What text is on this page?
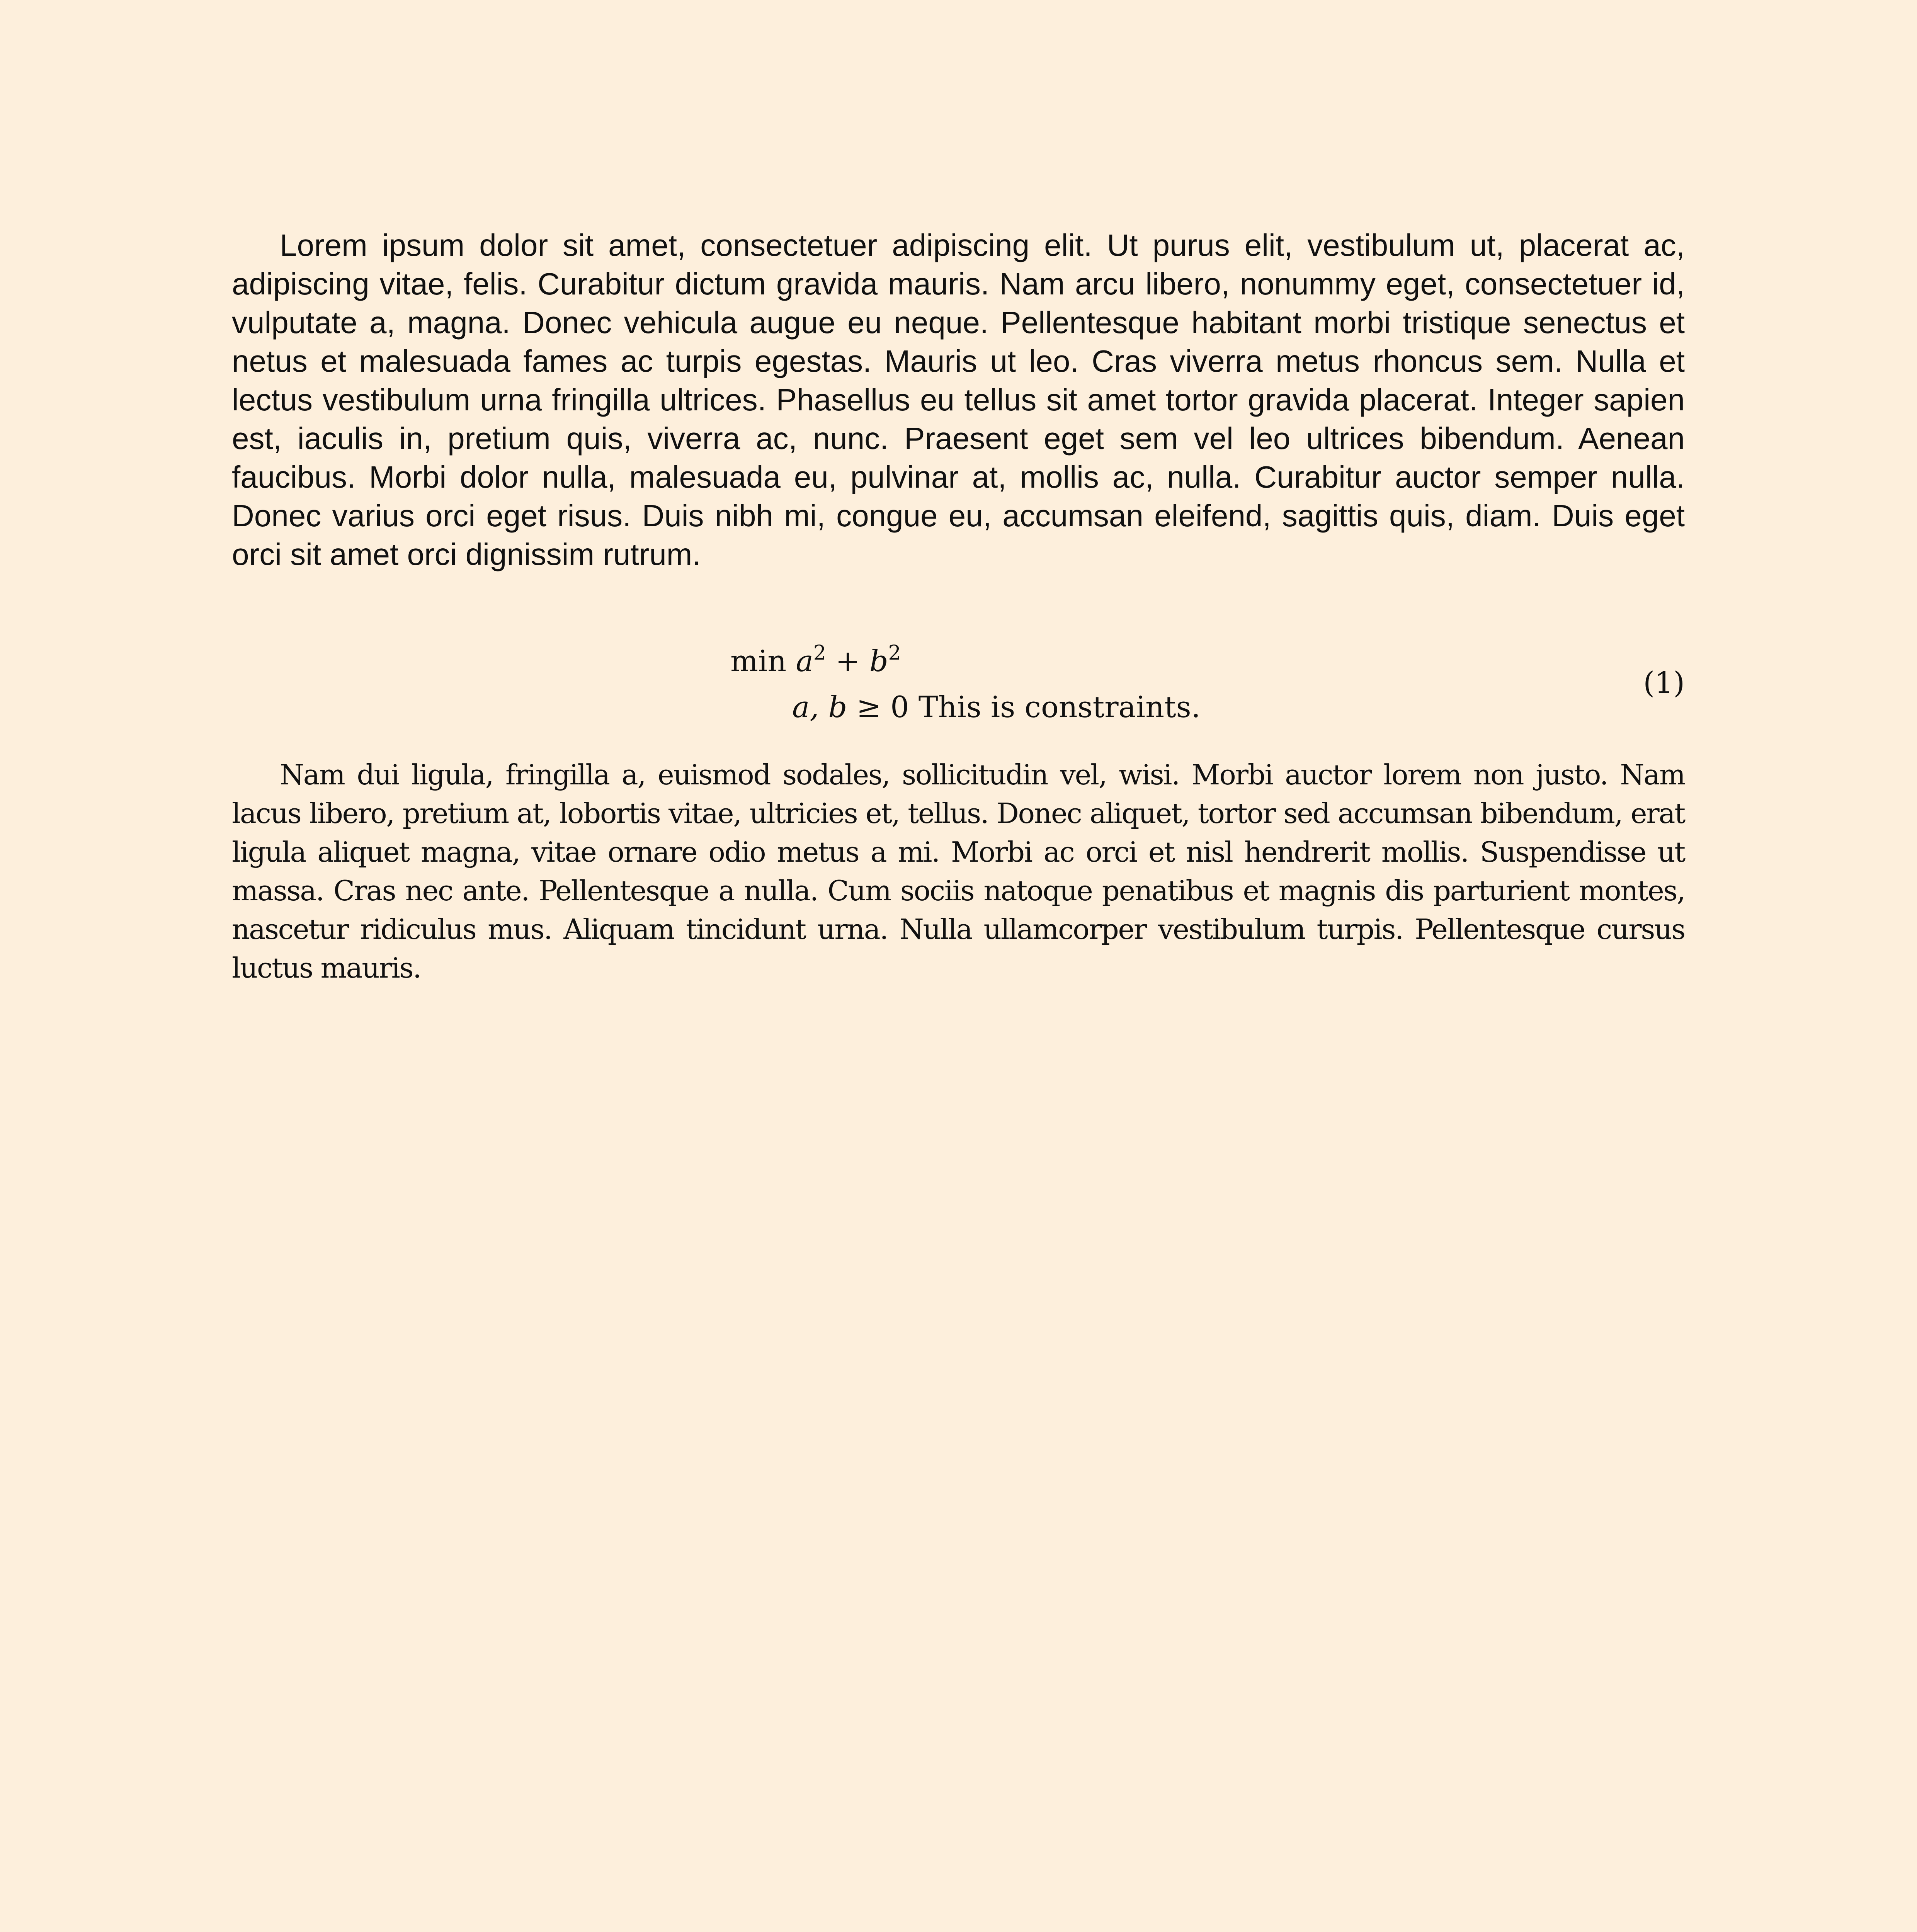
Lorem ipsum dolor sit amet, consectetuer adipiscing elit. Ut purus elit, vestibulum ut, placerat ac, adipiscing vitae, felis. Curabitur dictum gravida mauris. Nam arcu libero, nonummy eget, consectetuer id, vulputate a, magna. Donec vehicula augue eu neque. Pellentesque habitant morbi tristique senectus et netus et malesuada fames ac turpis egestas. Mauris ut leo. Cras viverra metus rhoncus sem. Nulla et lectus vestibulum urna fringilla ultrices. Phasellus eu tellus sit amet tortor gravida placerat. Integer sapien est, iaculis in, pretium quis, viverra ac, nunc. Praesent eget sem vel leo ultrices bibendum. Aenean faucibus. Morbi dolor nulla, malesuada eu, pulvinar at, mollis ac, nulla. Curabitur auctor semper nulla. Donec varius orci eget risus. Duis nibh mi, congue eu, accumsan eleifend, sagittis quis, diam. Duis eget orci sit amet orci dignissim rutrum.

$\min a^2 + b^2$
a, b ≥ 0 This is constraints.
(1)

Nam dui ligula, fringilla a, euismod sodales, sollicitudin vel, wisi. Morbi auctor lorem non justo. Nam lacus libero, pretium at, lobortis vitae, ultricies et, tellus. Donec aliquet, tortor sed accumsan bibendum, erat ligula aliquet magna, vitae ornare odio metus a mi. Morbi ac orci et nisl hendrerit mollis. Suspendisse ut massa. Cras nec ante. Pellentesque a nulla. Cum sociis natoque penatibus et magnis dis parturient montes, nascetur ridiculus mus. Aliquam tincidunt urna. Nulla ullamcorper vestibulum turpis. Pellentesque cursus luctus mauris.
